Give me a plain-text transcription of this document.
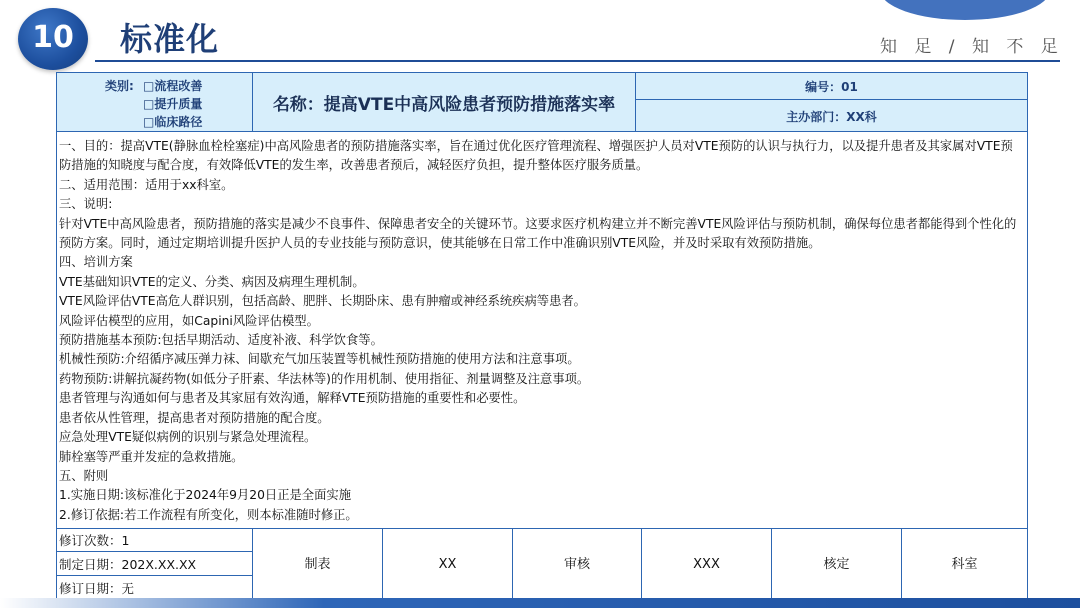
10	标准化	知 足 / 知 不 足
类别: □流程改善
□提升质量
□临床路径
名称：提高VTE中高风险患者预防措施落实率
编号：01
主办部门：XX科
一、目的：提高VTE(静脉血栓栓塞症)中高风险患者的预防措施落实率，旨在通过优化医疗管理流程、增强医护人员对VTE预防的认识与执行力，以及提升患者及其家属对VTE预防措施的知晓度与配合度，有效降低VTE的发生率，改善患者预后，减轻医疗负担，提升整体医疗服务质量。
二、适用范围：适用于xx科室。
三、说明:
针对VTE中高风险患者，预防措施的落实是减少不良事件、保障患者安全的关键环节。这要求医疗机构建立并不断完善VTE风险评估与预防机制，确保每位患者都能得到个性化的预防方案。同时，通过定期培训提升医护人员的专业技能与预防意识，使其能够在日常工作中准确识别VTE风险，并及时采取有效预防措施。
四、培训方案
VTE基础知识VTE的定义、分类、病因及病理生理机制。
VTE风险评估VTE高危人群识别，包括高龄、肥胖、长期卧床、患有肿瘤或神经系统疾病等患者。
风险评估模型的应用，如Capini风险评估模型。
预防措施基本预防:包括早期活动、适度补液、科学饮食等。
机械性预防:介绍循序减压弹力袜、间歇充气加压装置等机械性预防措施的使用方法和注意事项。
药物预防:讲解抗凝药物(如低分子肝素、华法林等)的作用机制、使用指征、剂量调整及注意事项。
患者管理与沟通如何与患者及其家屈有效沟通，解释VTE预防措施的重要性和必要性。
患者依从性管理，提高患者对预防措施的配合度。
应急处理VTE疑似病例的识别与紧急处理流程。
肺栓塞等严重并发症的急救措施。
五、附则
1.实施日期:该标准化于2024年9月20日正是全面实施
2.修订依据:若工作流程有所变化，则本标准随时修正。
修订次数：1
制定日期：202X.XX.XX
修订日期：无
制表	XX	审核	XXX	核定	科室
